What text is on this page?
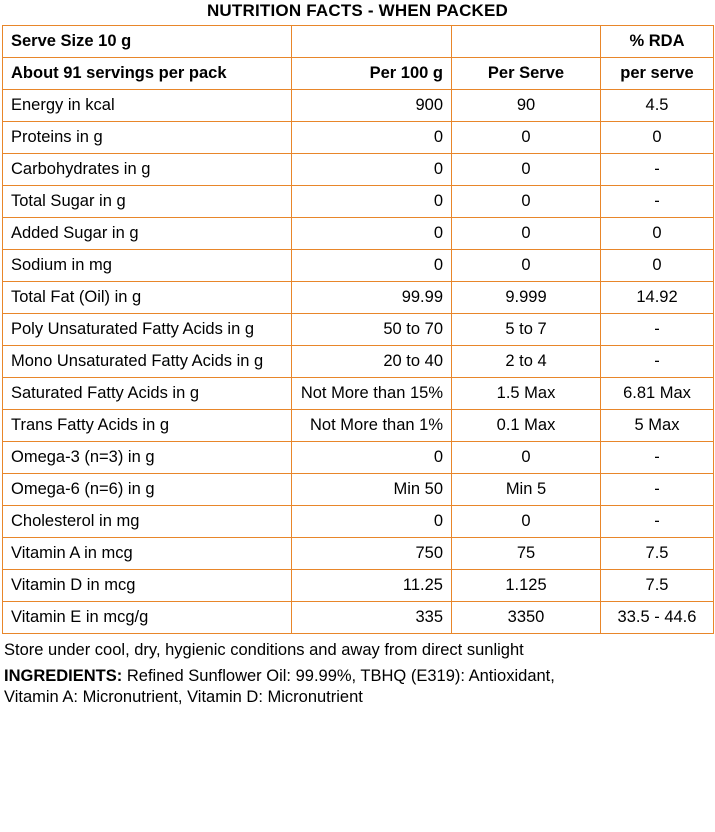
NUTRITION FACTS - WHEN PACKED
Serve Size 10 g			% RDA
About 91 servings per pack	Per 100 g	Per Serve	per serve
Energy in kcal	900	90	4.5
Proteins in g	0	0	0
Carbohydrates in g	0	0	-
Total Sugar in g	0	0	-
Added Sugar in g	0	0	0
Sodium in mg	0	0	0
Total Fat (Oil) in g	99.99	9.999	14.92
Poly Unsaturated Fatty Acids in g	50 to 70	5 to 7	-
Mono Unsaturated Fatty Acids in g	20 to 40	2 to 4	-
Saturated Fatty Acids in g	Not More than 15%	1.5 Max	6.81 Max
Trans Fatty Acids in g	Not More than 1%	0.1 Max	5 Max
Omega-3 (n=3) in g	0	0	-
Omega-6 (n=6) in g	Min 50	Min 5	-
Cholesterol in mg	0	0	-
Vitamin A in mcg	750	75	7.5
Vitamin D in mcg	11.25	1.125	7.5
Vitamin E in mcg/g	335	3350	33.5 - 44.6
Store under cool, dry, hygienic conditions and away from direct sunlight
INGREDIENTS: Refined Sunflower Oil: 99.99%, TBHQ (E319): Antioxidant,
Vitamin A: Micronutrient, Vitamin D: Micronutrient
